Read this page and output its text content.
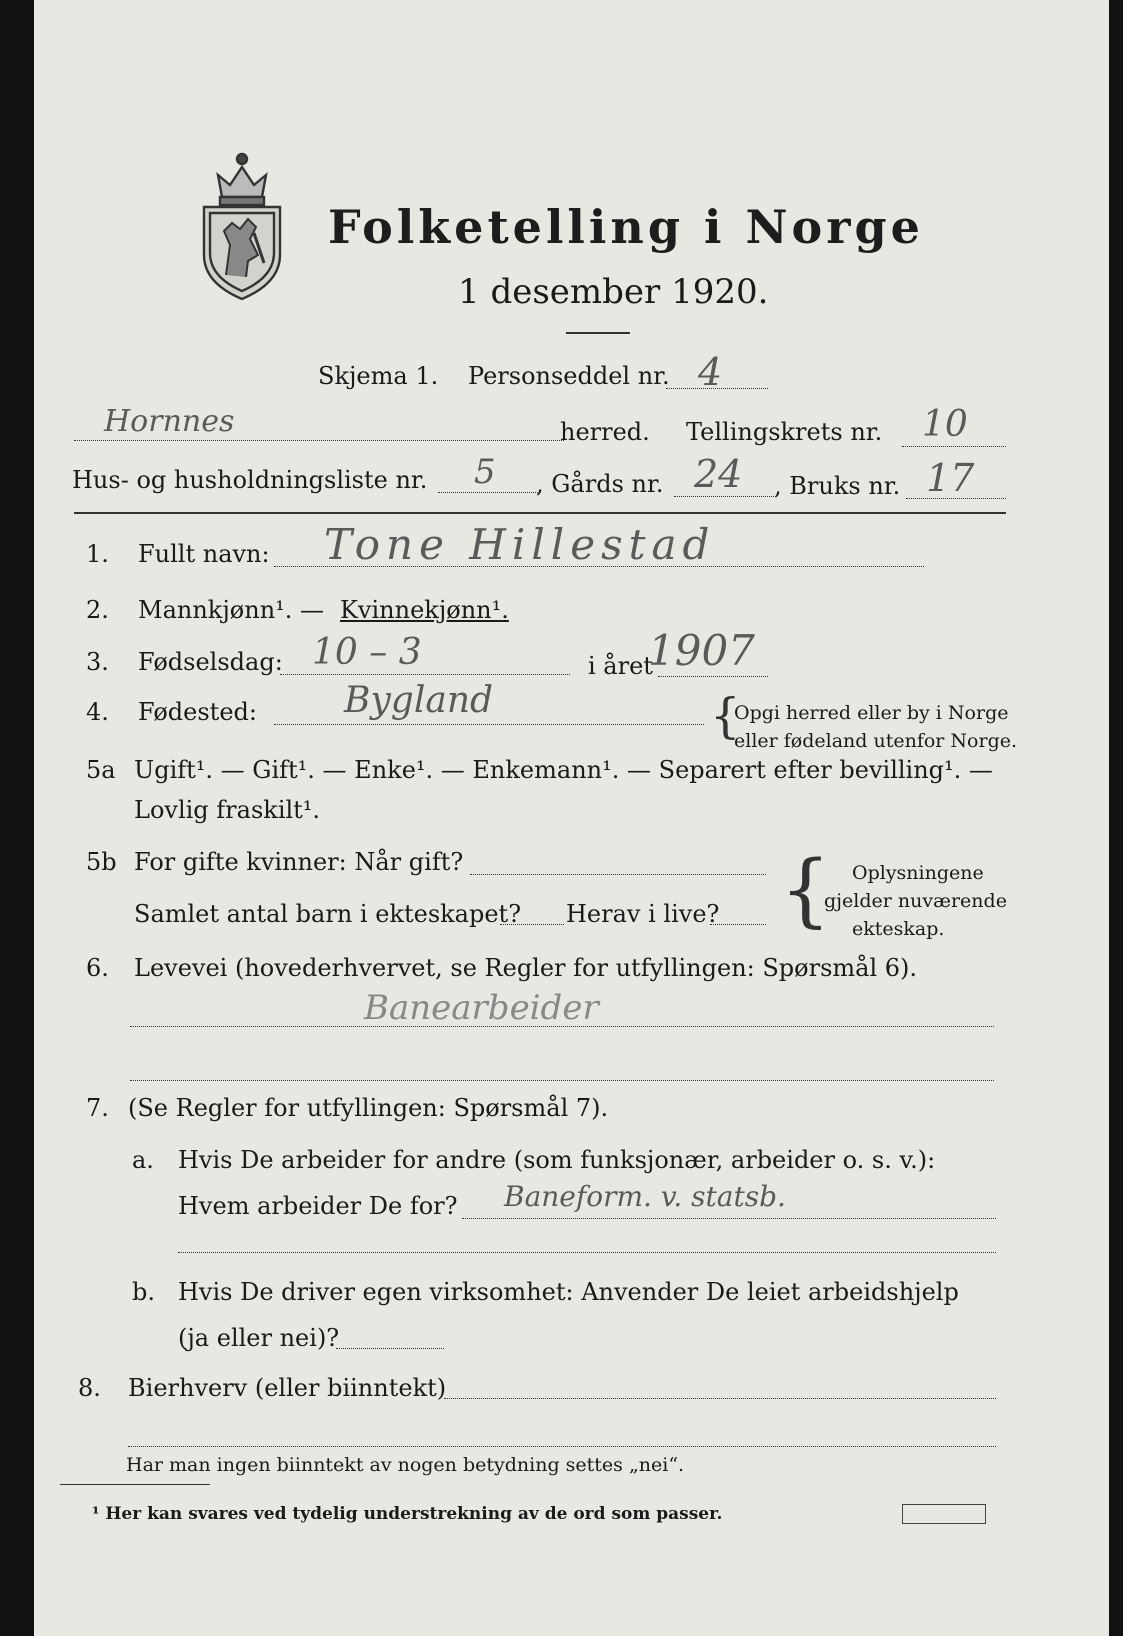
Folketelling i Norge
1 desember 1920.
Skjema 1. Personseddel nr. 4
Hornnes	herred. Tellingskrets nr. 10
Hus- og husholdningsliste nr. 5 , Gårds nr. 24 , Bruks nr. 17
1. Fullt navn: Tone Hillestad
2. Mannkjønn¹. — Kvinnekjønn¹.
3. Fødselsdag: 10 – 3	i året
1907
4. Fødested: Bygland	{
Opgi herred eller by i Norge
eller fødeland utenfor Norge.
5a Ugift¹. — Gift¹. — Enke¹. — Enkemann¹. — Separert efter bevilling¹. —
Lovlig fraskilt¹.
5b For gifte kvinner: Når gift?
Samlet antal barn i ekteskapet? Herav i live? { Oplysningene
gjelder nuværende
ekteskap.
6. Levevei (hovederhvervet, se Regler for utfyllingen: Spørsmål 6).
Banearbeider
7. (Se Regler for utfyllingen: Spørsmål 7).
a. Hvis De arbeider for andre (som funksjonær, arbeider o. s. v.):
Hvem arbeider De for? Baneform. v. statsb.
b. Hvis De driver egen virksomhet: Anvender De leiet arbeidshjelp
(ja eller nei)?
8. Bierhverv (eller biinntekt)
Har man ingen biinntekt av nogen betydning settes „nei“.
¹ Her kan svares ved tydelig understrekning av de ord som passer.
